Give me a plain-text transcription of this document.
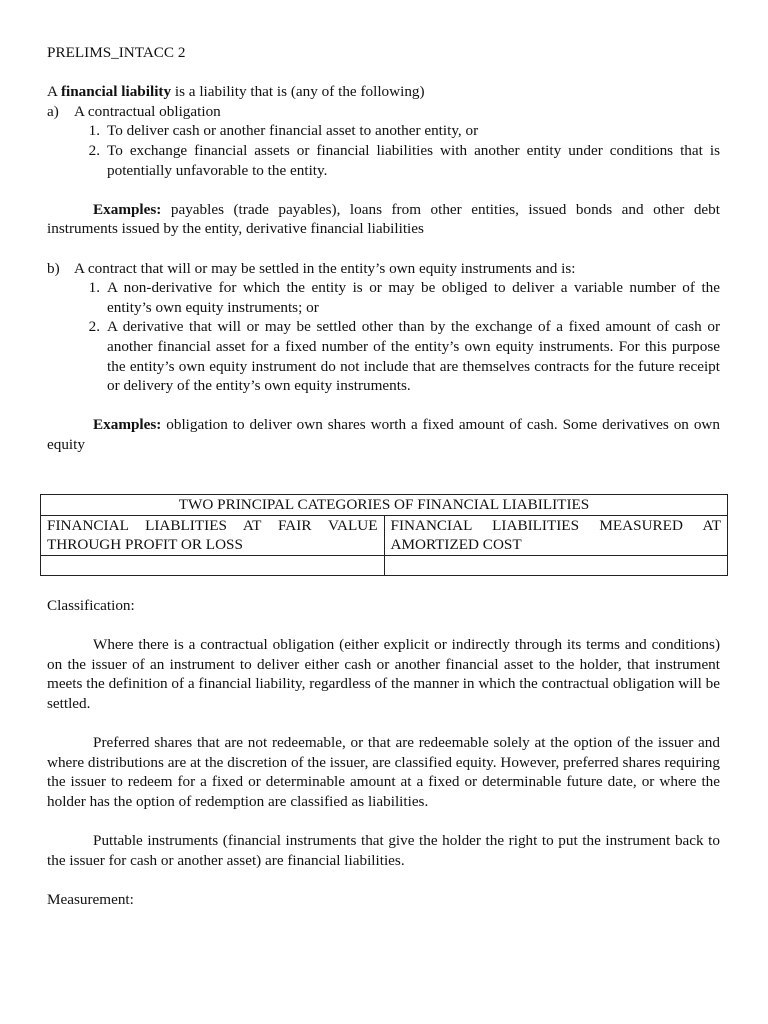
PRELIMS_INTACC 2

A financial liability is a liability that is (any of the following)

a) A contractual obligation
1. To deliver cash or another financial asset to another entity, or
2. To exchange financial assets or financial liabilities with another entity under conditions that is potentially unfavorable to the entity.

Examples: payables (trade payables), loans from other entities, issued bonds and other debt instruments issued by the entity, derivative financial liabilities

b) A contract that will or may be settled in the entity’s own equity instruments and is:
1. A non-derivative for which the entity is or may be obliged to deliver a variable number of the entity’s own equity instruments; or
2. A derivative that will or may be settled other than by the exchange of a fixed amount of cash or another financial asset for a fixed number of the entity’s own equity instruments. For this purpose the entity’s own equity instrument do not include that are themselves contracts for the future receipt or delivery of the entity’s own equity instruments.

Examples: obligation to deliver own shares worth a fixed amount of cash. Some derivatives on own equity

TWO PRINCIPAL CATEGORIES OF FINANCIAL LIABILITIES	
FINANCIAL LIABLITIES AT FAIR VALUE THROUGH PROFIT OR LOSS	FINANCIAL LIABILITIES MEASURED AT AMORTIZED COST

Classification:

Where there is a contractual obligation (either explicit or indirectly through its terms and conditions) on the issuer of an instrument to deliver either cash or another financial asset to the holder, that instrument meets the definition of a financial liability, regardless of the manner in which the contractual obligation will be settled.

Preferred shares that are not redeemable, or that are redeemable solely at the option of the issuer and where distributions are at the discretion of the issuer, are classified equity. However, preferred shares requiring the issuer to redeem for a fixed or determinable amount at a fixed or determinable future date, or where the holder has the option of redemption are classified as liabilities.

Puttable instruments (financial instruments that give the holder the right to put the instrument back to the issuer for cash or another asset) are financial liabilities.

Measurement:
